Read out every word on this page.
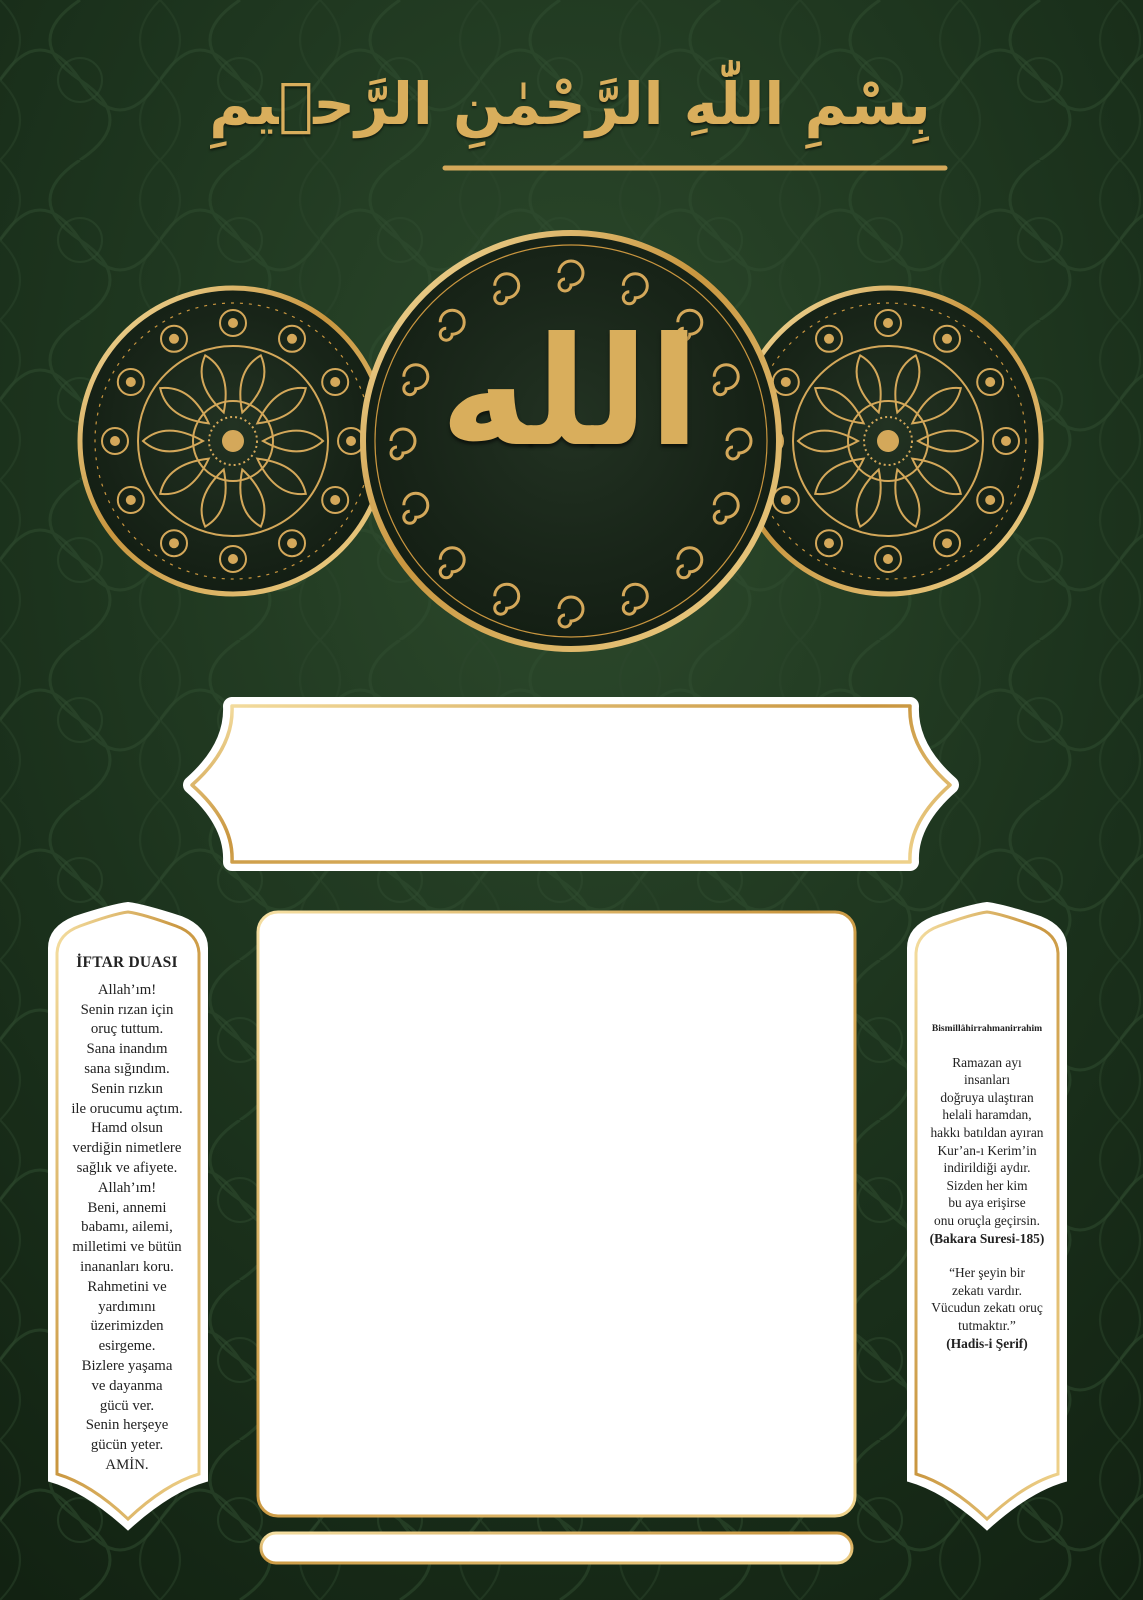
بِسْمِ اللّٰهِ الرَّحْمٰنِ الرَّح۪يمِ
الله
İFTAR DUASI
Allah’ım!
Senin rızan için
oruç tuttum.
Sana inandım
sana sığındım.
Senin rızkın
ile orucumu açtım.
Hamd olsun
verdiğin nimetlere
sağlık ve afiyete.
Allah’ım!
Beni, annemi
babamı, ailemi,
milletimi ve bütün
inananları koru.
Rahmetini ve
yardımını
üzerimizden
esirgeme.
Bizlere yaşama
ve dayanma
gücü ver.
Senin herşeye
gücün yeter.
AMİN.
Bismillâhirrahmanirrahim
Ramazan ayı
insanları
doğruya ulaştıran
helali haramdan,
hakkı batıldan ayıran
Kur’an-ı Kerim’in
indirildiği aydır.
Sizden her kim
bu aya erişirse
onu oruçla geçirsin.
(Bakara Suresi-185)
“Her şeyin bir
zekatı vardır.
Vücudun zekatı oruç
tutmaktır.”
(Hadis-i Şerif)
